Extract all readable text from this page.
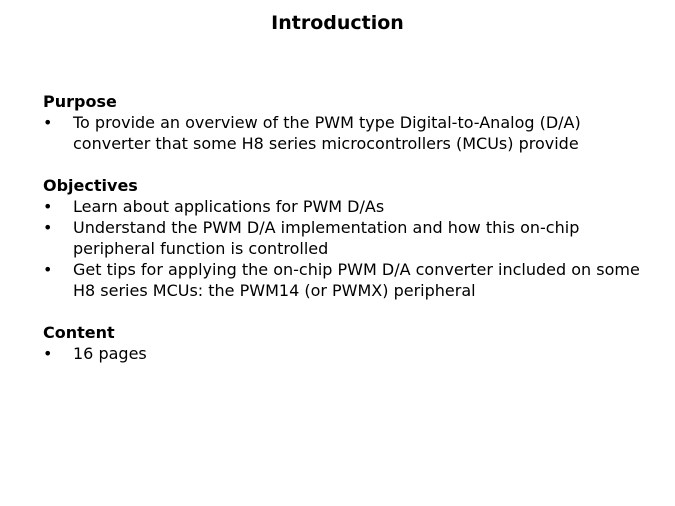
Introduction
Purpose
• To provide an overview of the PWM type Digital-to-Analog (D/A) converter that some H8 series microcontrollers (MCUs) provide
Objectives
• Learn about applications for PWM D/As
• Understand the PWM D/A implementation and how this on-chip peripheral function is controlled
• Get tips for applying the on-chip PWM D/A converter included on some H8 series MCUs: the PWM14 (or PWMX) peripheral
Content
• 16 pages
